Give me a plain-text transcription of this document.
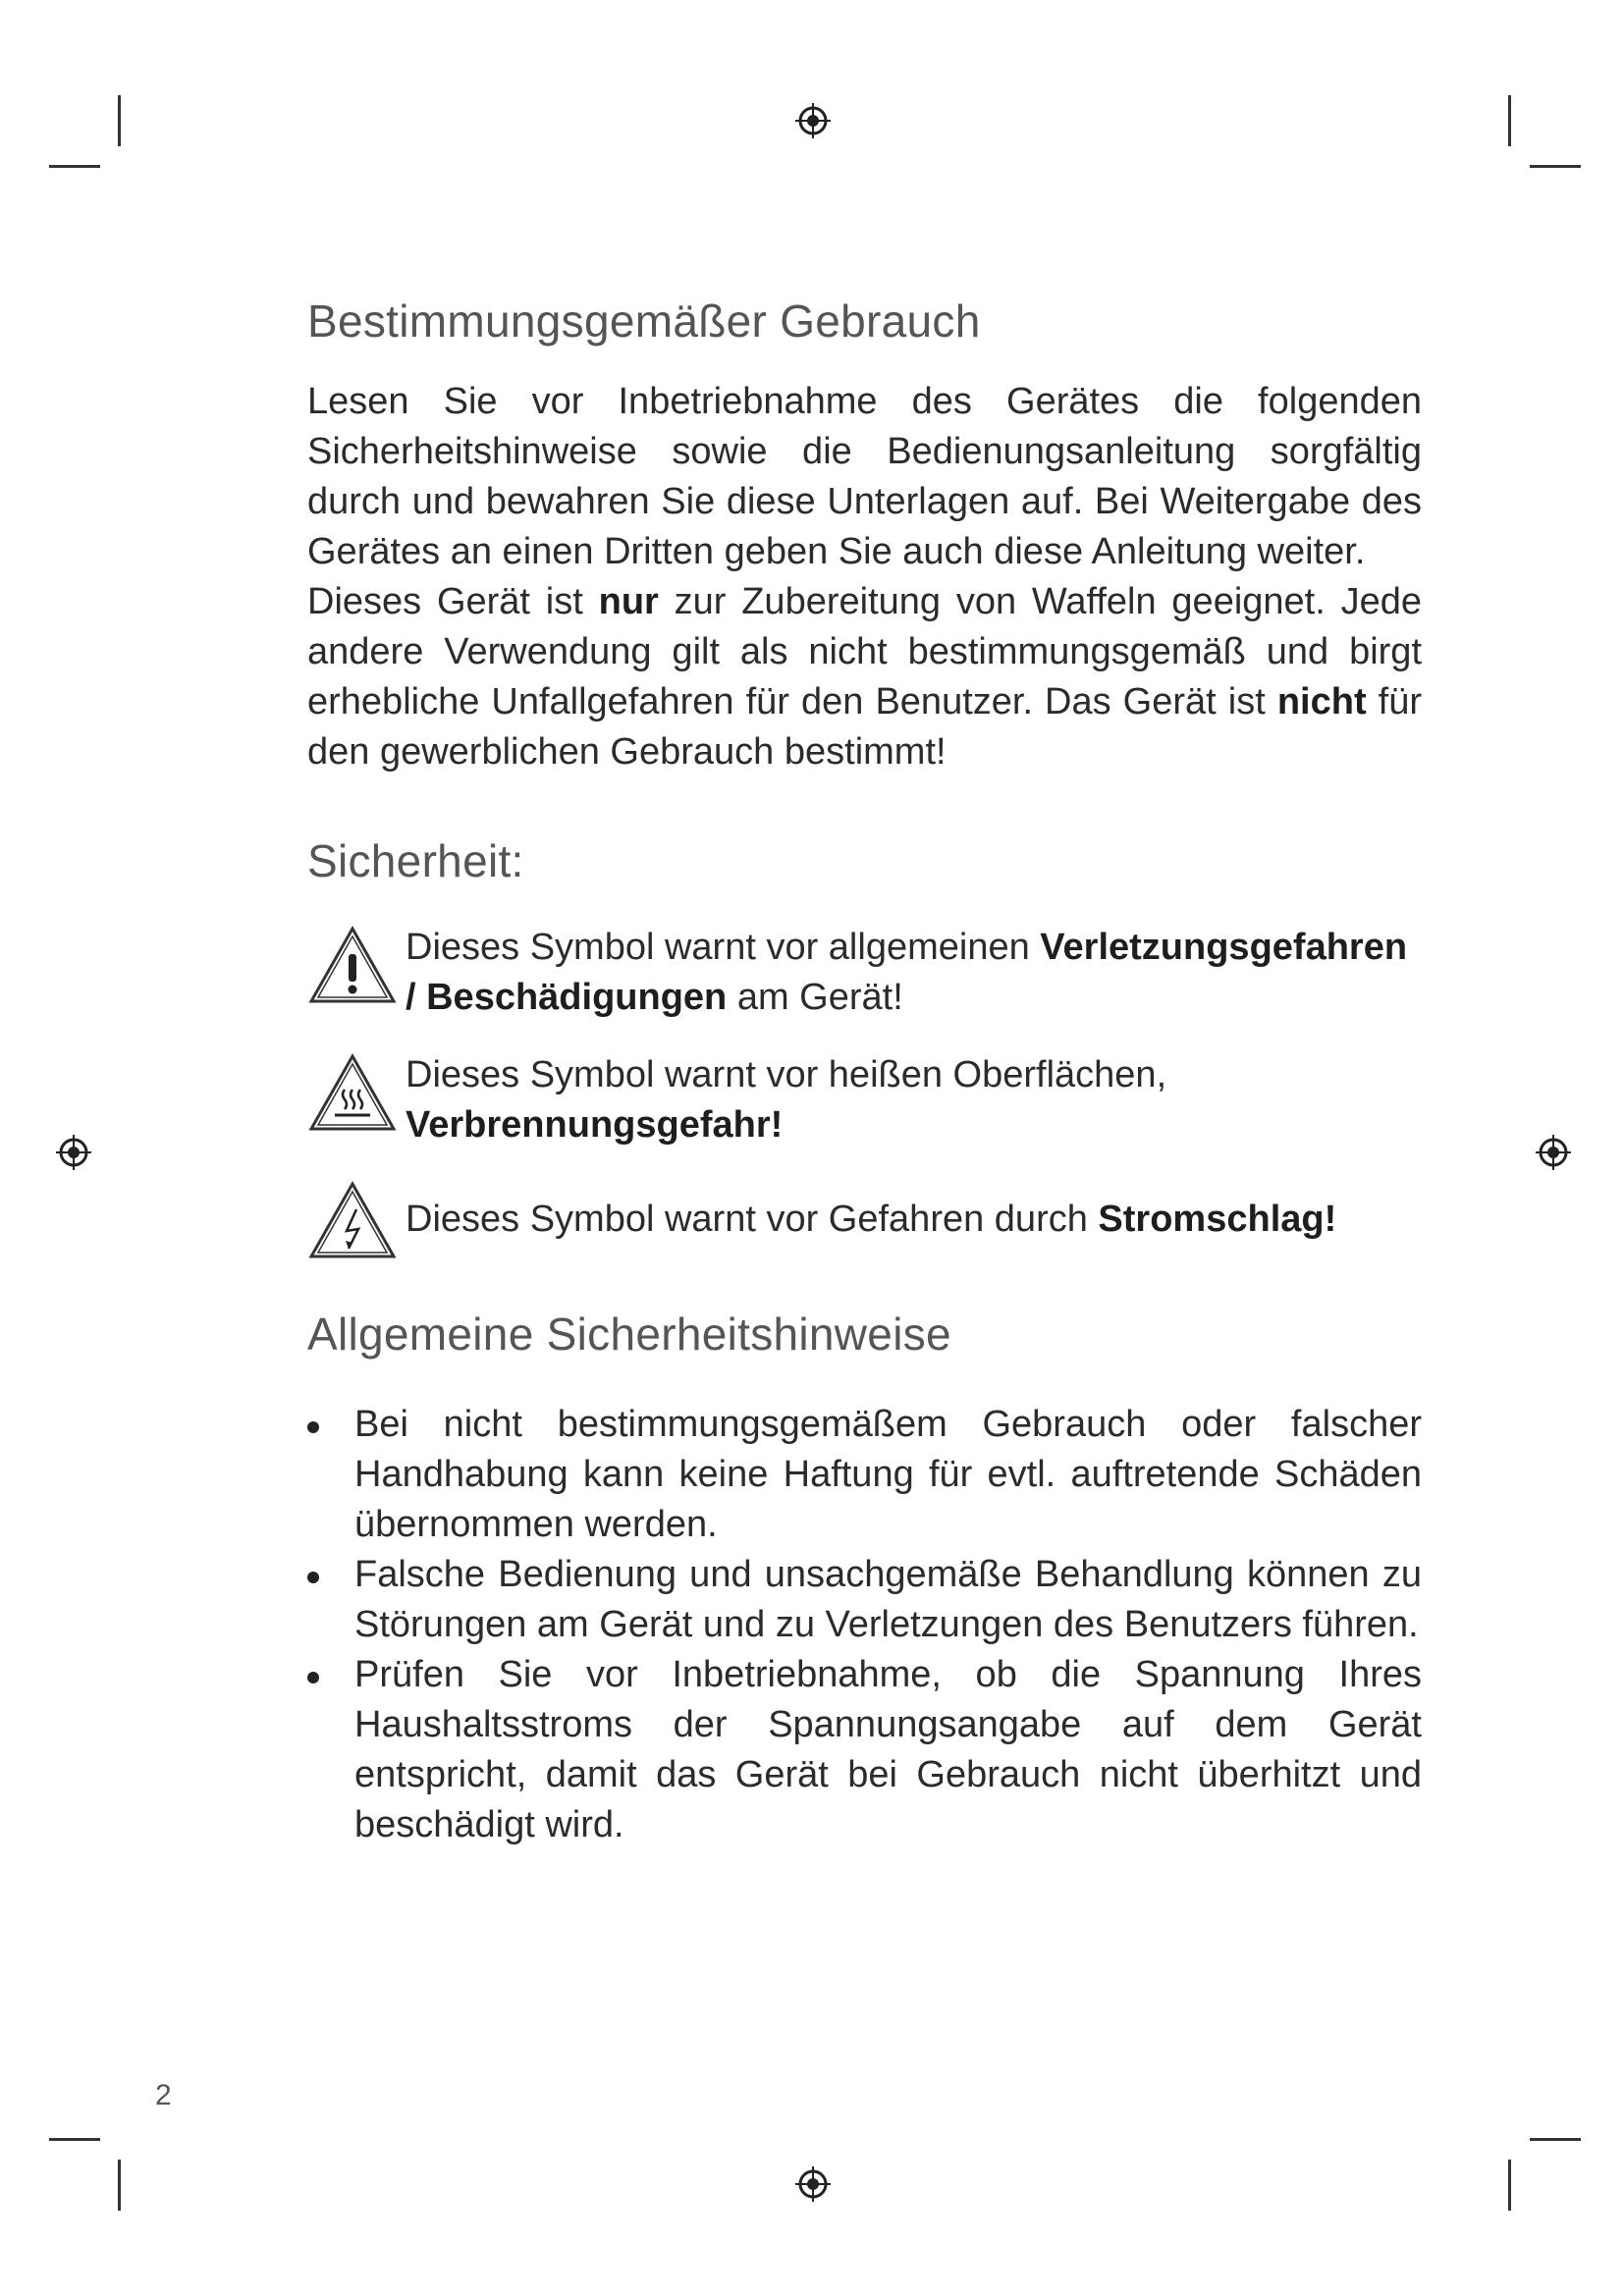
Bestimmungsgemäßer Gebrauch

Lesen Sie vor Inbetriebnahme des Gerätes die folgenden Sicherheitshinweise sowie die Bedienungsanleitung sorgfältig durch und bewahren Sie diese Unterlagen auf. Bei Weitergabe des Gerätes an einen Dritten geben Sie auch diese Anleitung weiter.

Dieses Gerät ist nur zur Zubereitung von Waffeln geeignet. Jede andere Verwendung gilt als nicht bestimmungsgemäß und birgt erhebliche Unfallgefahren für den Benutzer. Das Gerät ist nicht für den gewerblichen Gebrauch bestimmt!

Sicherheit:
Dieses Symbol warnt vor allgemeinen Verletzungsgefahren / Beschädigungen am Gerät!
Dieses Symbol warnt vor heißen Oberflächen,
Verbrennungsgefahr!
Dieses Symbol warnt vor Gefahren durch Stromschlag!
Allgemeine Sicherheitshinweise
Bei nicht bestimmungsgemäßem Gebrauch oder falscher Handhabung kann keine Haftung für evtl. auftretende Schäden übernommen werden.
Falsche Bedienung und unsachgemäße Behandlung können zu Störungen am Gerät und zu Verletzungen des Benutzers führen.
Prüfen Sie vor Inbetriebnahme, ob die Spannung Ihres Haushaltsstroms der Spannungsangabe auf dem Gerät entspricht, damit das Gerät bei Gebrauch nicht überhitzt und beschädigt wird.
2
